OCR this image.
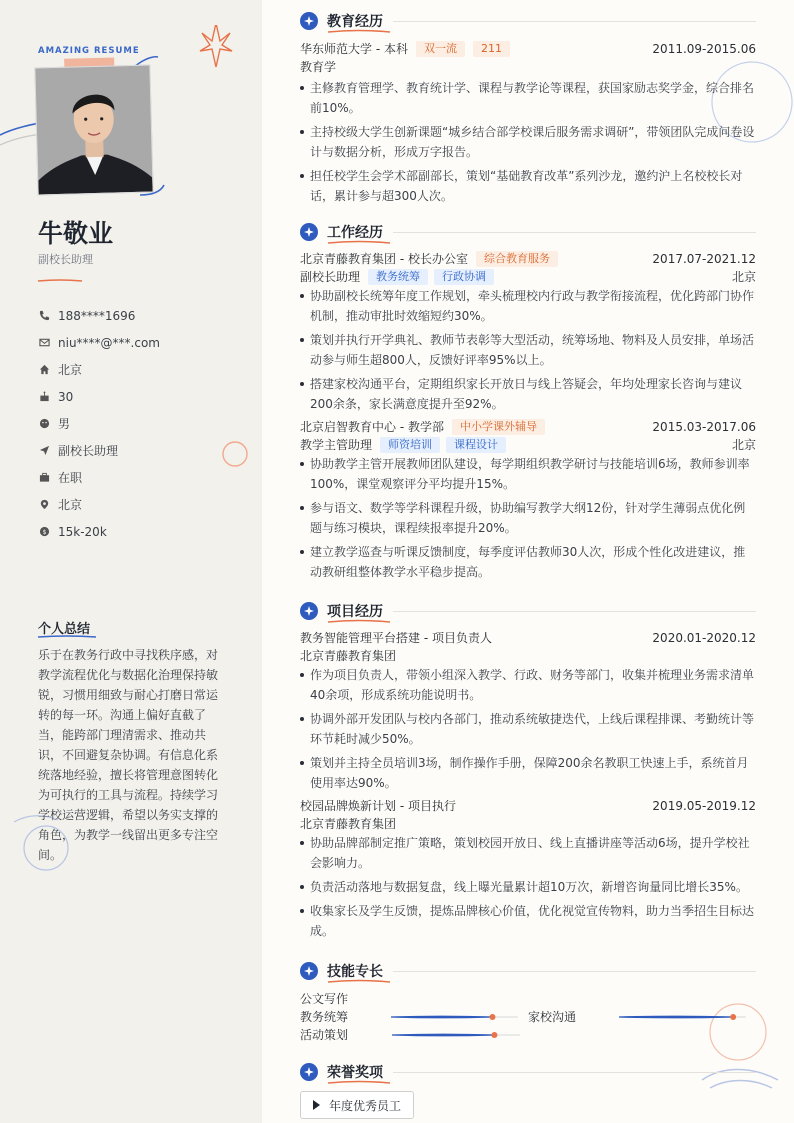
AMAZING RESUME
牛敬业
副校长助理
188****1696
niu****@***.com
北京
30
男
副校长助理
在职
北京
$ 15k-20k
个人总结
乐于在教务行政中寻找秩序感，对教学流程优化与数据化治理保持敏锐，习惯用细致与耐心打磨日常运转的每一环。沟通上偏好直截了当，能跨部门理清需求、推动共识，不回避复杂协调。有信息化系统落地经验，擅长将管理意图转化为可执行的工具与流程。持续学习学校运营逻辑，希望以务实支撑的角色，为教学一线留出更多专注空间。
教育经历
华东师范大学 - 本科	双一流	211	2011.09-2015.06
教育学
主修教育管理学、教育统计学、课程与教学论等课程，获国家励志奖学金，综合排名前10%。
主持校级大学生创新课题“城乡结合部学校课后服务需求调研”，带领团队完成问卷设计与数据分析，形成万字报告。
担任校学生会学术部副部长，策划“基础教育改革”系列沙龙，邀约沪上名校校长对话，累计参与超300人次。
工作经历
北京青藤教育集团 - 校长办公室	综合教育服务	2017.07-2021.12
副校长助理	教务统筹	行政协调	北京
协助副校长统筹年度工作规划，牵头梳理校内行政与教学衔接流程，优化跨部门协作机制，推动审批时效缩短约30%。
策划并执行开学典礼、教师节表彰等大型活动，统筹场地、物料及人员安排，单场活动参与师生超800人，反馈好评率95%以上。
搭建家校沟通平台，定期组织家长开放日与线上答疑会，年均处理家长咨询与建议200余条，家长满意度提升至92%。
北京启智教育中心 - 教学部	中小学课外辅导	2015.03-2017.06
教学主管助理	师资培训	课程设计	北京
协助教学主管开展教师团队建设，每学期组织教学研讨与技能培训6场，教师参训率100%，课堂观察评分平均提升15%。
参与语文、数学等学科课程升级，协助编写教学大纲12份，针对学生薄弱点优化例题与练习模块，课程续报率提升20%。
建立教学巡查与听课反馈制度，每季度评估教师30人次，形成个性化改进建议，推动教研组整体教学水平稳步提高。
项目经历
教务智能管理平台搭建 - 项目负责人	2020.01-2020.12
北京青藤教育集团
作为项目负责人，带领小组深入教学、行政、财务等部门，收集并梳理业务需求清单40余项，形成系统功能说明书。
协调外部开发团队与校内各部门，推动系统敏捷迭代，上线后课程排课、考勤统计等环节耗时减少50%。
策划并主持全员培训3场，制作操作手册，保障200余名教职工快速上手，系统首月使用率达90%。
校园品牌焕新计划 - 项目执行	2019.05-2019.12
北京青藤教育集团
协助品牌部制定推广策略，策划校园开放日、线上直播讲座等活动6场，提升学校社会影响力。
负责活动落地与数据复盘，线上曝光量累计超10万次，新增咨询量同比增长35%。
收集家长及学生反馈，提炼品牌核心价值，优化视觉宣传物料，助力当季招生目标达成。
技能专长
公文写作
教务统筹	家校沟通
活动策划
荣誉奖项
年度优秀员工
